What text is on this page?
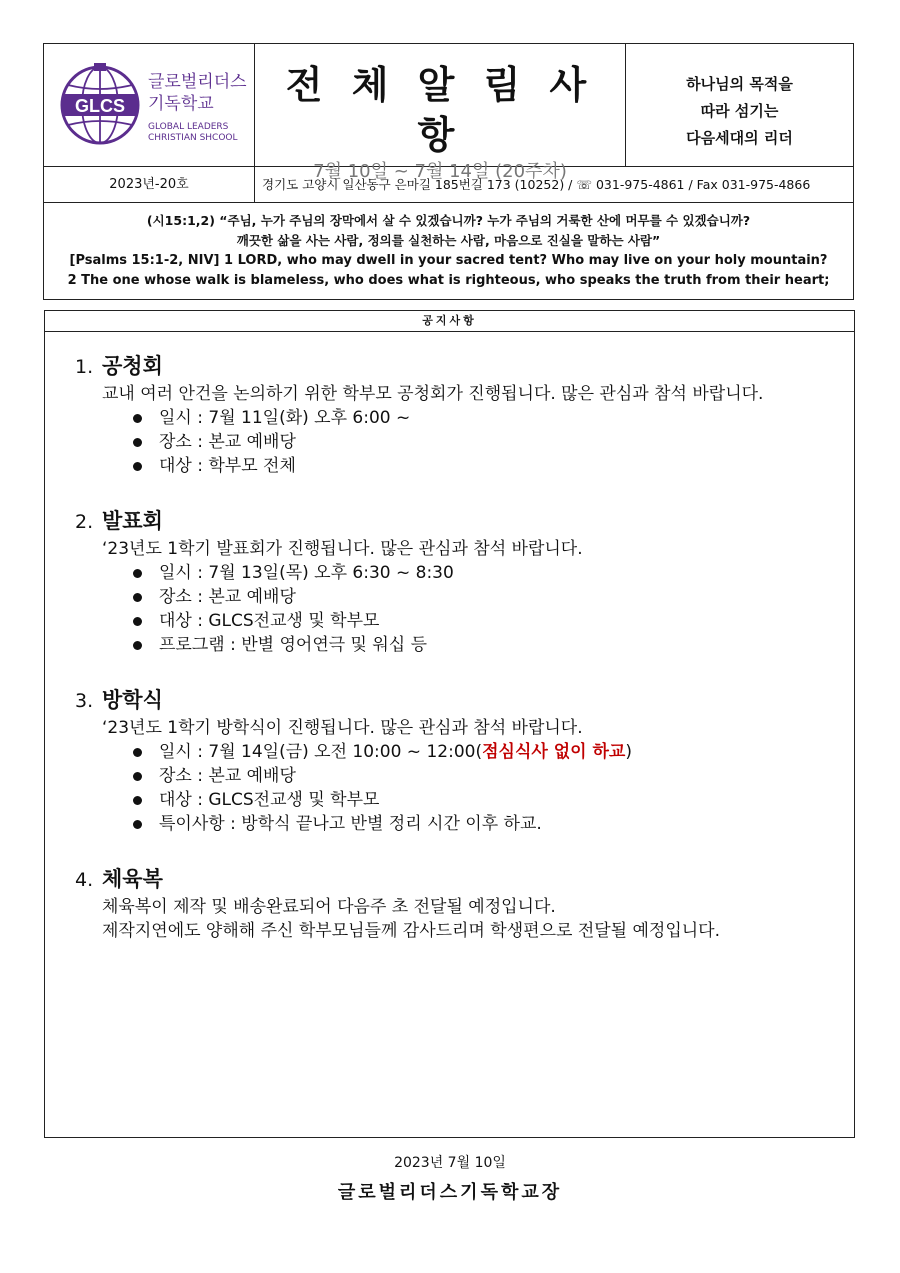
GLCS
글로벌리더스
기독학교
GLOBAL LEADERS
CHRISTIAN SHCOOL
전 체 알 림 사 항
7월 10일 ~ 7월 14일 (20주차)
하나님의 목적을
따라 섬기는
다음세대의 리더
2023년-20호	경기도 고양시 일산동구 은마길 185번길 173 (10252) / ☏ 031-975-4861 / Fax 031-975-4866
(시15:1,2) “주님, 누가 주님의 장막에서 살 수 있겠습니까? 누가 주님의 거룩한 산에 머무를 수 있겠습니까?
깨끗한 삶을 사는 사람, 정의를 실천하는 사람, 마음으로 진실을 말하는 사람”
[Psalms 15:1-2, NIV] 1 LORD, who may dwell in your sacred tent? Who may live on your holy mountain?
2 The one whose walk is blameless, who does what is righteous, who speaks the truth from their heart;
공지사항
1. 공청회
교내 여러 안건을 논의하기 위한 학부모 공청회가 진행됩니다. 많은 관심과 참석 바랍니다.
일시 : 7월 11일(화) 오후 6:00 ~
장소 : 본교 예배당
대상 : 학부모 전체
2. 발표회
‘23년도 1학기 발표회가 진행됩니다. 많은 관심과 참석 바랍니다.
일시 : 7월 13일(목) 오후 6:30 ~ 8:30
장소 : 본교 예배당
대상 : GLCS전교생 및 학부모
프로그램 : 반별 영어연극 및 워십 등
3. 방학식
‘23년도 1학기 방학식이 진행됩니다. 많은 관심과 참석 바랍니다.
일시 : 7월 14일(금) 오전 10:00 ~ 12:00(점심식사 없이 하교)
장소 : 본교 예배당
대상 : GLCS전교생 및 학부모
특이사항 : 방학식 끝나고 반별 정리 시간 이후 하교.
4. 체육복
체육복이 제작 및 배송완료되어 다음주 초 전달될 예정입니다.
제작지연에도 양해해 주신 학부모님들께 감사드리며 학생편으로 전달될 예정입니다.
2023년 7월 10일
글로벌리더스기독학교장
